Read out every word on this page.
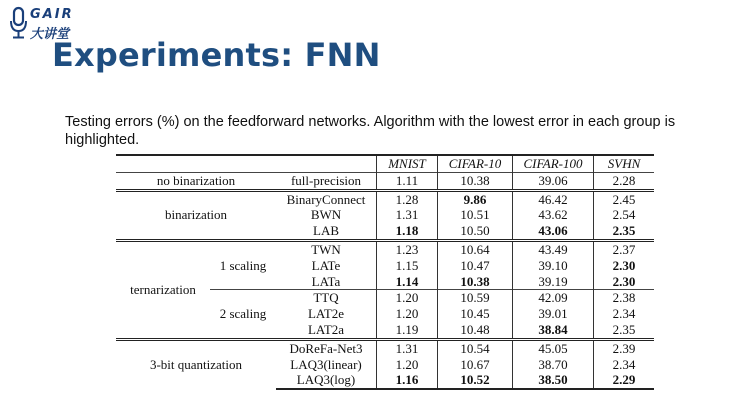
GAIR
大讲堂
Experiments: FNN
Testing errors (%) on the feedforward networks. Algorithm with the lowest error in each group is highlighted.
			MNIST	CIFAR-10	CIFAR-100	SVHN
no binarization		full-precision	1.11	10.38	39.06	2.28
binarization		BinaryConnect	1.28	9.86	46.42	2.45
		BWN	1.31	10.51	43.62	2.54
		LAB	1.18	10.50	43.06	2.35
ternarization	1 scaling	TWN	1.23	10.64	43.49	2.37
		LATe	1.15	10.47	39.10	2.30
		LATa	1.14	10.38	39.19	2.30
	2 scaling	TTQ	1.20	10.59	42.09	2.38
		LAT2e	1.20	10.45	39.01	2.34
		LAT2a	1.19	10.48	38.84	2.35
3-bit quantization		DoReFa-Net3	1.31	10.54	45.05	2.39
		LAQ3(linear)	1.20	10.67	38.70	2.34
		LAQ3(log)	1.16	10.52	38.50	2.29
